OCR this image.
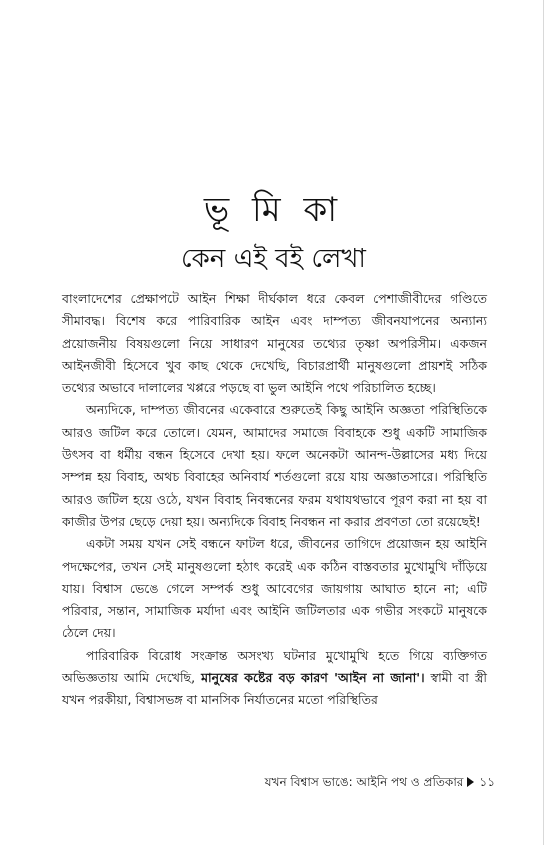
ভূ মি কা
কেন এই বই লেখা

বাংলাদেশের প্রেক্ষাপটে আইন শিক্ষা দীর্ঘকাল ধরে কেবল পেশাজীবীদের গণ্ডিতে সীমাবদ্ধ। বিশেষ করে পারিবারিক আইন এবং দাম্পত্য জীবনযাপনের অন্যান্য প্রয়োজনীয় বিষয়গুলো নিয়ে সাধারণ মানুষের তথ্যের তৃষ্ণা অপরিসীম। একজন আইনজীবী হিসেবে খুব কাছ থেকে দেখেছি, বিচারপ্রার্থী মানুষগুলো প্রায়শই সঠিক তথ্যের অভাবে দালালের খপ্পরে পড়ছে বা ভুল আইনি পথে পরিচালিত হচ্ছে।

অন্যদিকে, দাম্পত্য জীবনের একেবারে শুরুতেই কিছু আইনি অজ্ঞতা পরিস্থিতিকে আরও জটিল করে তোলে। যেমন, আমাদের সমাজে বিবাহকে শুধু একটি সামাজিক উৎসব বা ধর্মীয় বন্ধন হিসেবে দেখা হয়। ফলে অনেকটা আনন্দ-উল্লাসের মধ্য দিয়ে সম্পন্ন হয় বিবাহ, অথচ বিবাহের অনিবার্য শর্তগুলো রয়ে যায় অজ্ঞাতসারে। পরিস্থিতি আরও জটিল হয়ে ওঠে, যখন বিবাহ নিবন্ধনের ফরম যথাযথভাবে পূরণ করা না হয় বা কাজীর উপর ছেড়ে দেয়া হয়। অন্যদিকে বিবাহ নিবন্ধন না করার প্রবণতা তো রয়েছেই!

একটা সময় যখন সেই বন্ধনে ফাটল ধরে, জীবনের তাগিদে প্রয়োজন হয় আইনি পদক্ষেপের, তখন সেই মানুষগুলো হঠাৎ করেই এক কঠিন বাস্তবতার মুখোমুখি দাঁড়িয়ে যায়। বিশ্বাস ভেঙে গেলে সম্পর্ক শুধু আবেগের জায়গায় আঘাত হানে না; এটি পরিবার, সন্তান, সামাজিক মর্যাদা এবং আইনি জটিলতার এক গভীর সংকটে মানুষকে ঠেলে দেয়।

পারিবারিক বিরোধ সংক্রান্ত অসংখ্য ঘটনার মুখোমুখি হতে গিয়ে ব্যক্তিগত অভিজ্ঞতায় আমি দেখেছি, মানুষের কষ্টের বড় কারণ 'আইন না জানা'। স্বামী বা স্ত্রী যখন পরকীয়া, বিশ্বাসভঙ্গ বা মানসিক নির্যাতনের মতো পরিস্থিতির

যখন বিশ্বাস ভাঙে: আইনি পথ ও প্রতিকার ১১
